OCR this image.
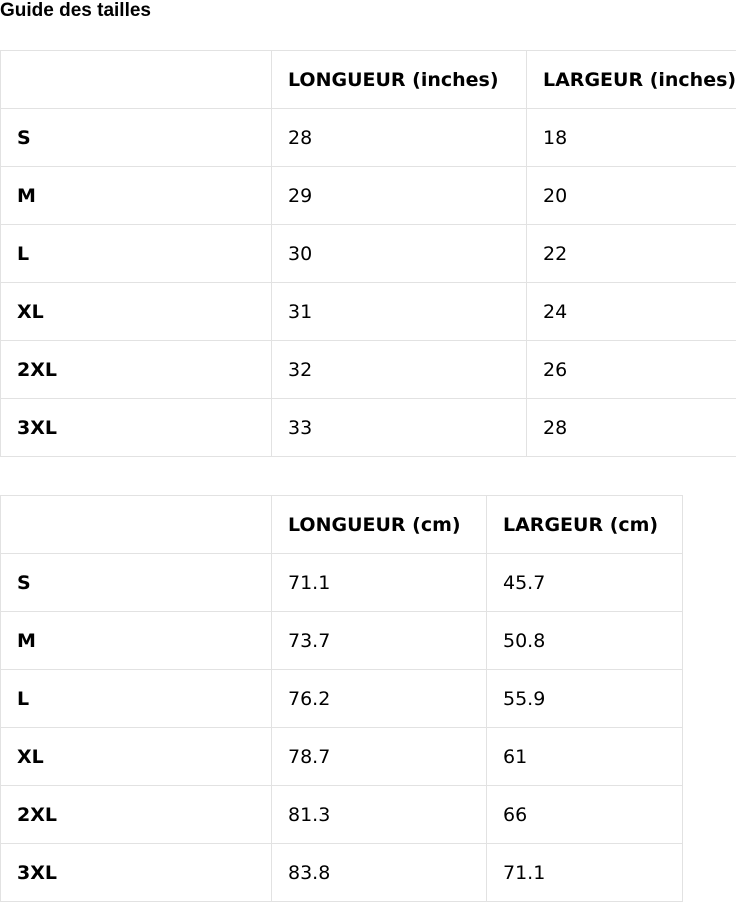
Guide des tailles
	LONGUEUR (inches)	LARGEUR (inches)
S	28	18
M	29	20
L	30	22
XL	31	24
2XL	32	26
3XL	33	28
	LONGUEUR (cm)	LARGEUR (cm)
S	71.1	45.7
M	73.7	50.8
L	76.2	55.9
XL	78.7	61
2XL	81.3	66
3XL	83.8	71.1
